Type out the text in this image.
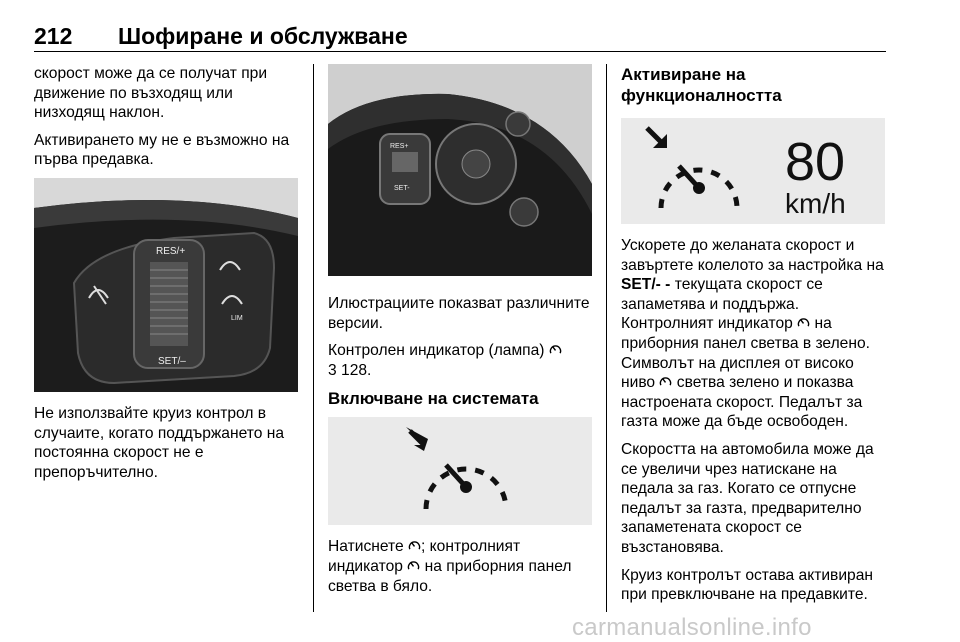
212 Шофиране и обслужване

скорост може да се получат при движение по възходящ или низходящ наклон.

Активирането му не е възможно на първа предавка.

RES/+
SET/–
LIM

Не използвайте круиз контрол в случаите, когато поддържането на постоянна скорост не е препоръчително.

RES+
SET-

Илюстрациите показват различните версии.

Контролен индикатор (лампа)
3 128.

Включване на системата

Натиснете ; контролният индикатор на приборния панел светва в бяло.

Активиране на функционалността

80
km/h

Ускорете до желаната скорост и завъртете колелото за настройка на SET/- - текущата скорост се запаметява и поддържа. Контролният индикатор на приборния панел светва в зелено. Символът на дисплея от високо ниво светва зелено и показва настроената скорост. Педалът за газта може да бъде освободен.

Скоростта на автомобила може да се увеличи чрез натискане на педала за газ. Когато се отпусне педалът за газта, предварително запаметената скорост се възстановява.

Круиз контролът остава активиран при превключване на предавките.

carmanualsonline.info
